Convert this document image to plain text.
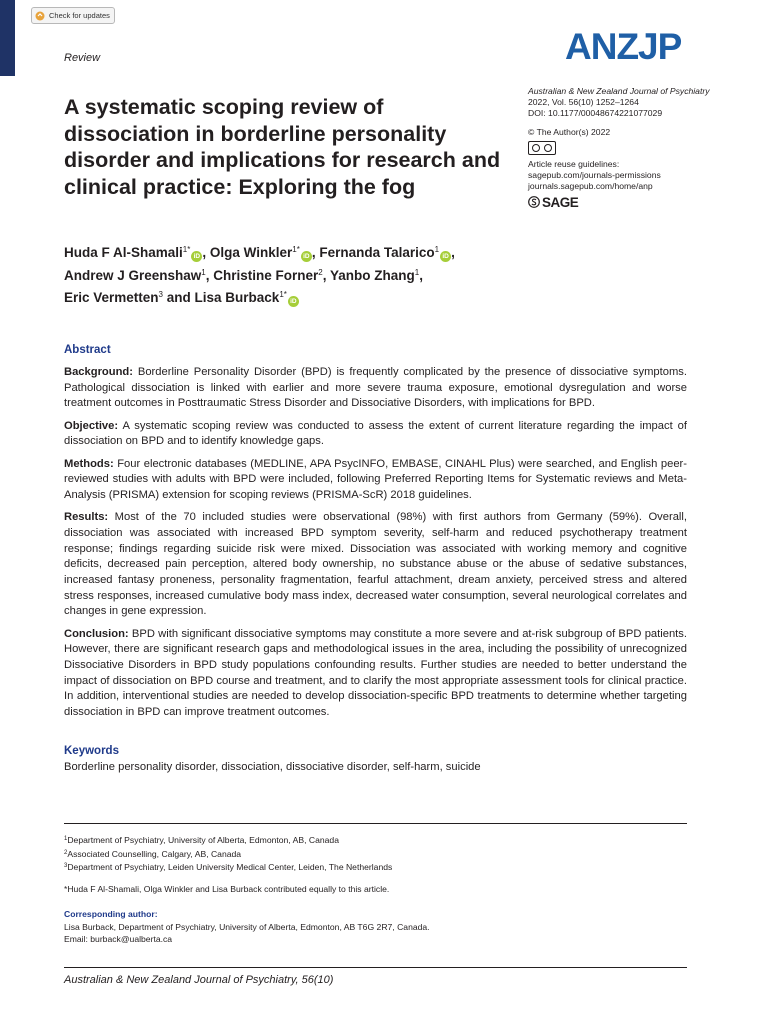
Check for updates
Review	ANZJP
A systematic scoping review of dissociation in borderline personality disorder and implications for research and clinical practice: Exploring the fog
Australian & New Zealand Journal of Psychiatry
2022, Vol. 56(10) 1252–1264
DOI: 10.1177/00048674221077029
© The Author(s) 2022
Article reuse guidelines:
sagepub.com/journals-permissions
journals.sagepub.com/home/anp
SAGE
Huda F Al-Shamali$^{1*}$iD , Olga Winkler$^{1*}$iD , Fernanda Talarico$^1$iD ,
Andrew J Greenshaw$^1$, Christine Forner$^2$, Yanbo Zhang$^1$,
Eric Vermetten$^3$ and Lisa Burback$^{1*}$iD
Abstract

Background: Borderline Personality Disorder (BPD) is frequently complicated by the presence of dissociative symptoms. Pathological dissociation is linked with earlier and more severe trauma exposure, emotional dysregulation and worse treatment outcomes in Posttraumatic Stress Disorder and Dissociative Disorders, with implications for BPD.

Objective: A systematic scoping review was conducted to assess the extent of current literature regarding the impact of dissociation on BPD and to identify knowledge gaps.

Methods: Four electronic databases (MEDLINE, APA PsycINFO, EMBASE, CINAHL Plus) were searched, and English peer-reviewed studies with adults with BPD were included, following Preferred Reporting Items for Systematic reviews and Meta-Analysis (PRISMA) extension for scoping reviews (PRISMA-ScR) 2018 guidelines.

Results: Most of the 70 included studies were observational (98%) with first authors from Germany (59%). Overall, dissociation was associated with increased BPD symptom severity, self-harm and reduced psychotherapy treatment response; findings regarding suicide risk were mixed. Dissociation was associated with working memory and cognitive deficits, decreased pain perception, altered body ownership, no substance abuse or the abuse of sedative substances, increased fantasy proneness, personality fragmentation, fearful attachment, dream anxiety, perceived stress and altered stress responses, increased cumulative body mass index, decreased water consumption, several neurological correlates and changes in gene expression.

Conclusion: BPD with significant dissociative symptoms may constitute a more severe and at-risk subgroup of BPD patients. However, there are significant research gaps and methodological issues in the area, including the possibility of unrecognized Dissociative Disorders in BPD study populations confounding results. Further studies are needed to better understand the impact of dissociation on BPD course and treatment, and to clarify the most appropriate assessment tools for clinical practice. In addition, interventional studies are needed to develop dissociation-specific BPD treatments to determine whether targeting dissociation in BPD can improve treatment outcomes.

Keywords
Borderline personality disorder, dissociation, dissociative disorder, self-harm, suicide
$^1$Department of Psychiatry, University of Alberta, Edmonton, AB, Canada
$^2$Associated Counselling, Calgary, AB, Canada
$^3$Department of Psychiatry, Leiden University Medical Center, Leiden, The Netherlands
*Huda F Al-Shamali, Olga Winkler and Lisa Burback contributed equally to this article.
Corresponding author:
Lisa Burback, Department of Psychiatry, University of Alberta, Edmonton, AB T6G 2R7, Canada.
Email: burback@ualberta.ca
Australian & New Zealand Journal of Psychiatry, 56(10)
